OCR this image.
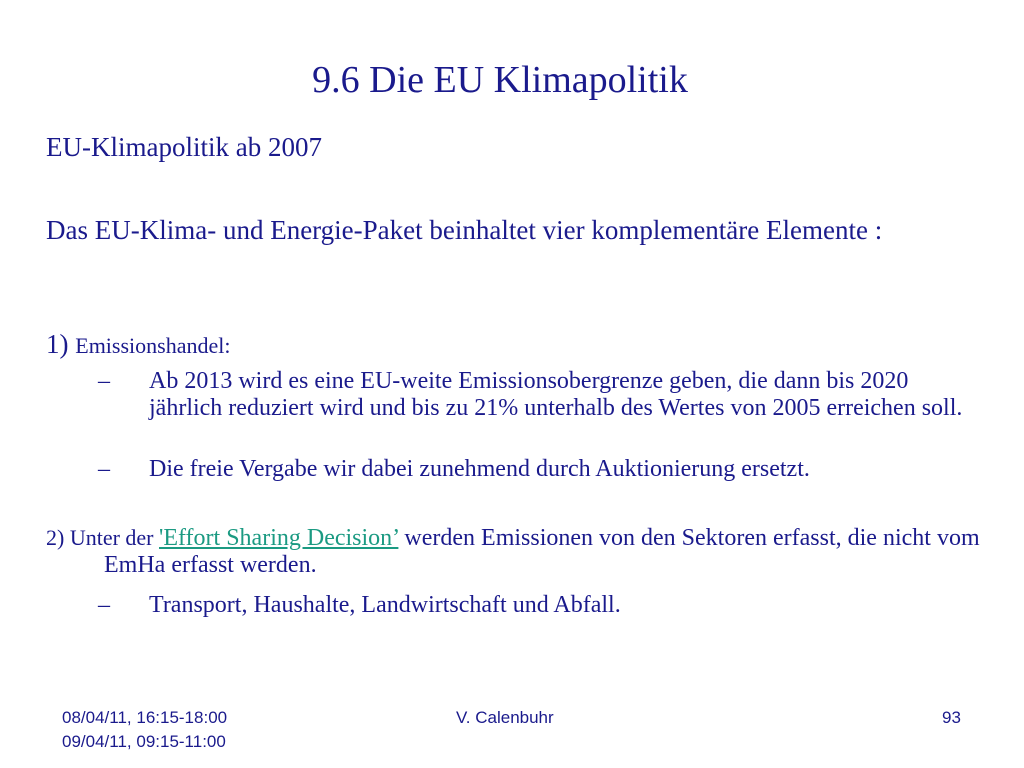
9.6 Die EU Klimapolitik
EU-Klimapolitik ab 2007
Das EU-Klima- und Energie-Paket beinhaltet vier komplementäre Elemente :
1) Emissionshandel:
– Ab 2013 wird es eine EU-weite Emissionsobergrenze geben, die dann bis 2020 jährlich reduziert wird und bis zu 21% unterhalb des Wertes von 2005 erreichen soll.
– Die freie Vergabe wir dabei zunehmend durch Auktionierung ersetzt.
2) Unter der 'Effort Sharing Decision’ werden Emissionen von den Sektoren erfasst, die nicht vom EmHa erfasst werden.
– Transport, Haushalte, Landwirtschaft und Abfall.
08/04/11, 16:15-18:00
09/04/11, 09:15-11:00
V. Calenbuhr	93
